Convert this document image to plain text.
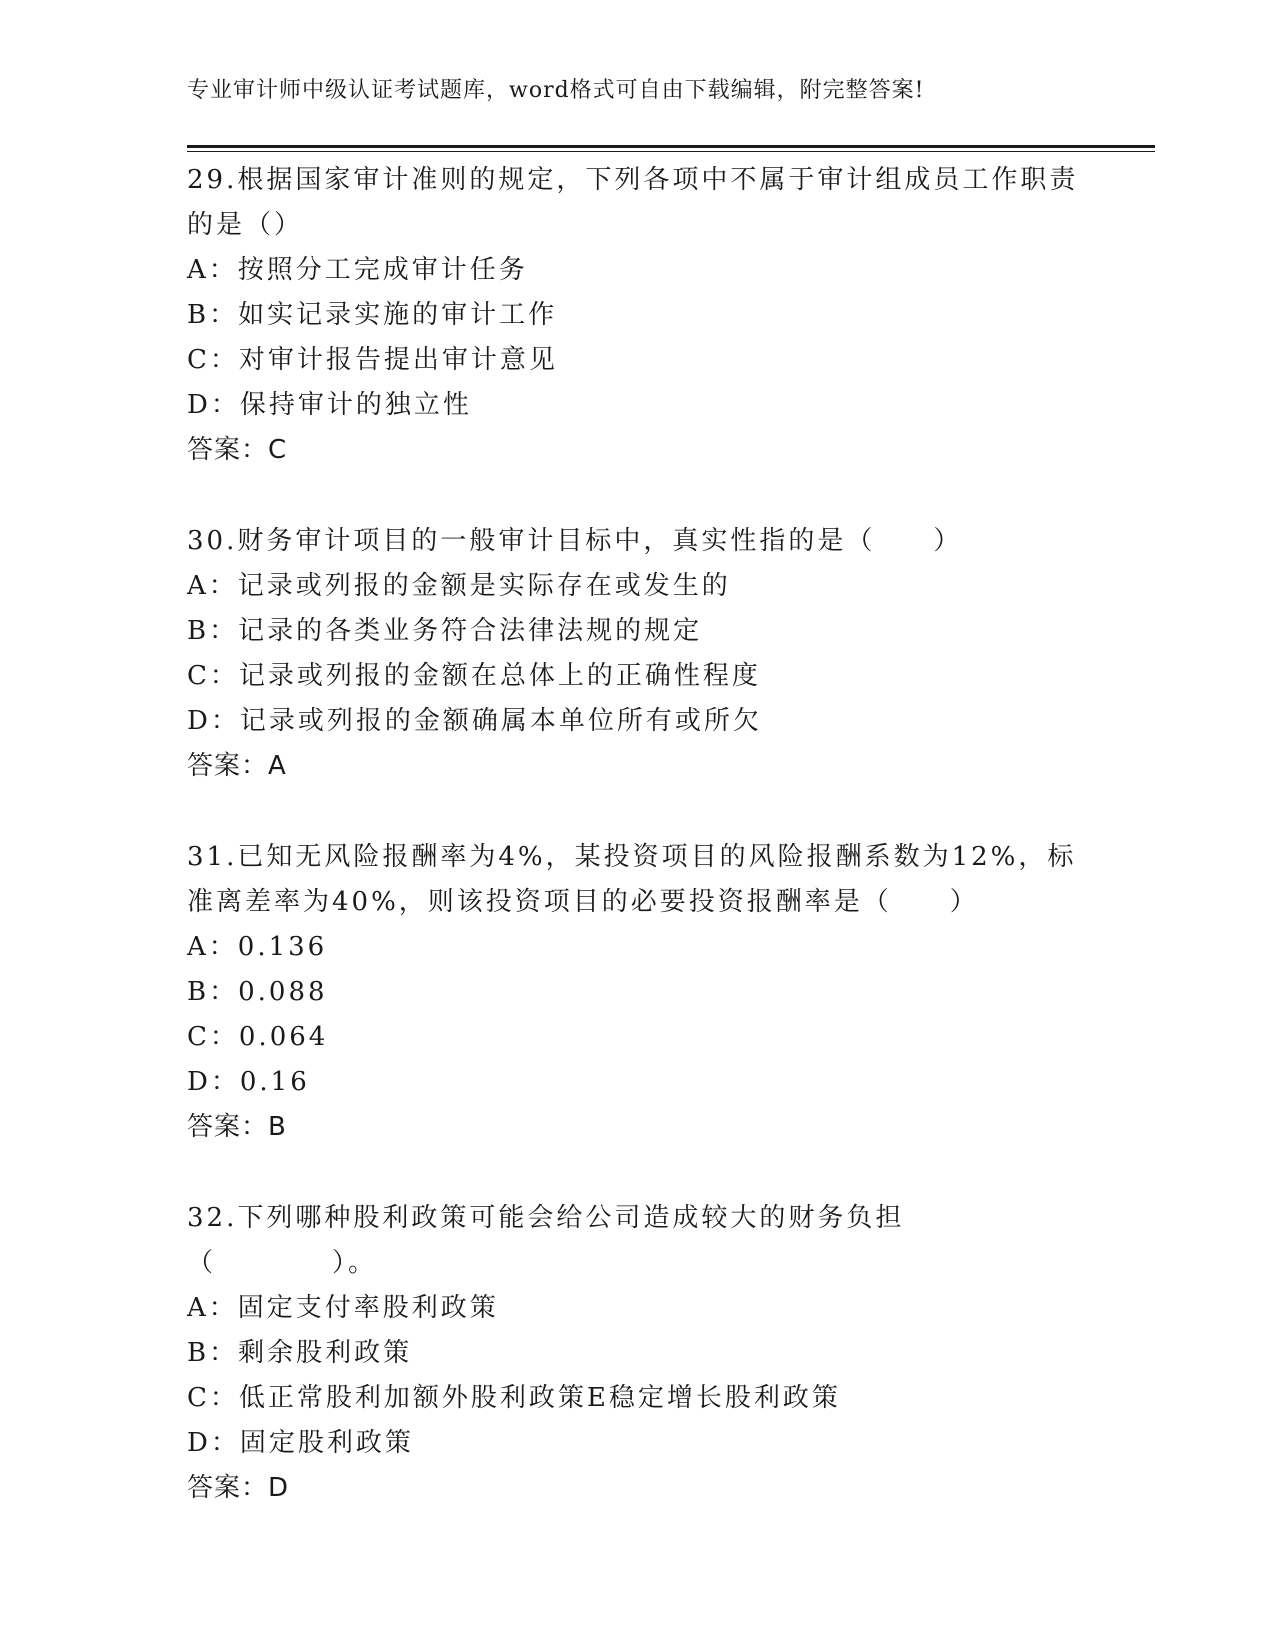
专业审计师中级认证考试题库，word格式可自由下载编辑，附完整答案!
29.根据国家审计准则的规定，下列各项中不属于审计组成员工作职责的是（）
A：按照分工完成审计任务
B：如实记录实施的审计工作
C：对审计报告提出审计意见
D：保持审计的独立性
答案：C
30.财务审计项目的一般审计目标中，真实性指的是（　　）
A：记录或列报的金额是实际存在或发生的
B：记录的各类业务符合法律法规的规定
C：记录或列报的金额在总体上的正确性程度
D：记录或列报的金额确属本单位所有或所欠
答案：A
31.已知无风险报酬率为4%，某投资项目的风险报酬系数为12%，标准离差率为40%，则该投资项目的必要投资报酬率是（　　）
A：0.136
B：0.088
C：0.064
D：0.16
答案：B
32.下列哪种股利政策可能会给公司造成较大的财务负担（　　　　）。
A：固定支付率股利政策
B：剩余股利政策
C：低正常股利加额外股利政策E稳定增长股利政策
D：固定股利政策
答案：D
